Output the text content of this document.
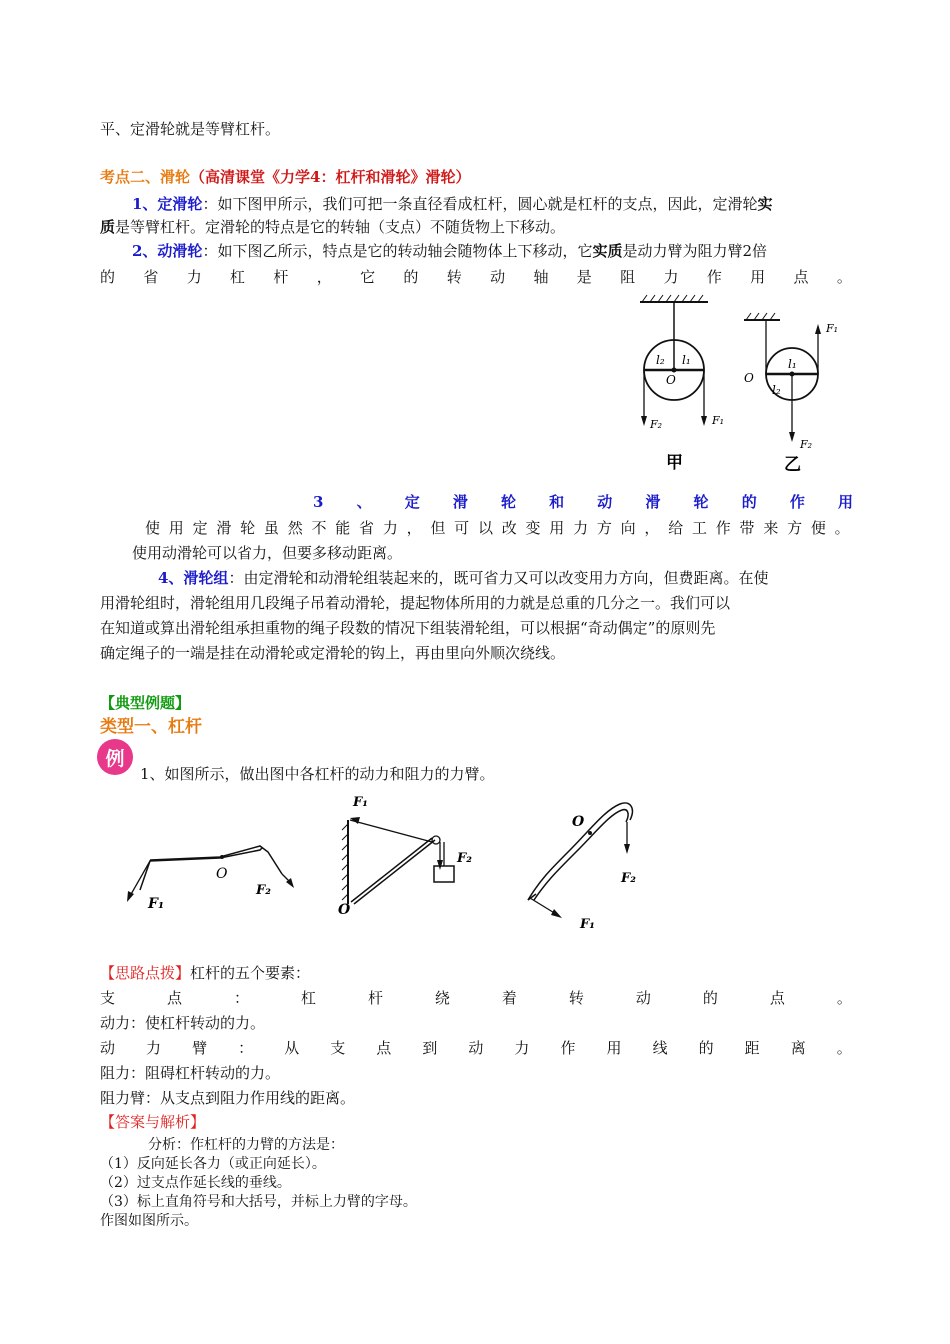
平、定滑轮就是等臂杠杆。
考点二、滑轮（高清课堂《力学4：杠杆和滑轮》滑轮）
1、定滑轮：如下图甲所示，我们可把一条直径看成杠杆，圆心就是杠杆的支点，因此，定滑轮实
质是等臂杠杆。定滑轮的特点是它的转轴（支点）不随货物上下移动。
2、动滑轮：如下图乙所示，特点是它的转动轴会随物体上下移动，它实质是动力臂为阻力臂2倍
的 省 力 杠 杆 ， 它 的 转 动 轴 是 阻 力 作 用 点 。
l₂ l₁
O
F₂	F₁
甲
O
l₁
l₂
F₁
F₂
乙
3 、 定 滑 轮 和 动 滑 轮 的 作 用
使 用 定 滑 轮 虽 然 不 能 省 力 ， 但 可 以 改 变 用 力 方 向 ， 给 工 作 带 来 方 便 。
使用动滑轮可以省力，但要多移动距离。
4、滑轮组：由定滑轮和动滑轮组装起来的，既可省力又可以改变用力方向，但费距离。在使
用滑轮组时，滑轮组用几段绳子吊着动滑轮，提起物体所用的力就是总重的几分之一。我们可以
在知道或算出滑轮组承担重物的绳子段数的情况下组装滑轮组，可以根据“奇动偶定”的原则先
确定绳子的一端是挂在动滑轮或定滑轮的钩上，再由里向外顺次绕线。
【典型例题】
类型一、杠杆
例
1、如图所示，做出图中各杠杆的动力和阻力的力臂。
O
F₁
F₂
F₁
O
F₂
O
F₂
F₁
【思路点拨】杠杆的五个要素：
支	点	：	杠	杆	绕	着	转	动	的	点	。
动力：使杠杆转动的力。
动 力 臂 ： 从 支 点 到 动 力 作 用 线 的 距 离 。
阻力：阻碍杠杆转动的力。
阻力臂：从支点到阻力作用线的距离。
【答案与解析】
分析：作杠杆的力臂的方法是：
（1）反向延长各力（或正向延长）。
（2）过支点作延长线的垂线。
（3）标上直角符号和大括号，并标上力臂的字母。
作图如图所示。
